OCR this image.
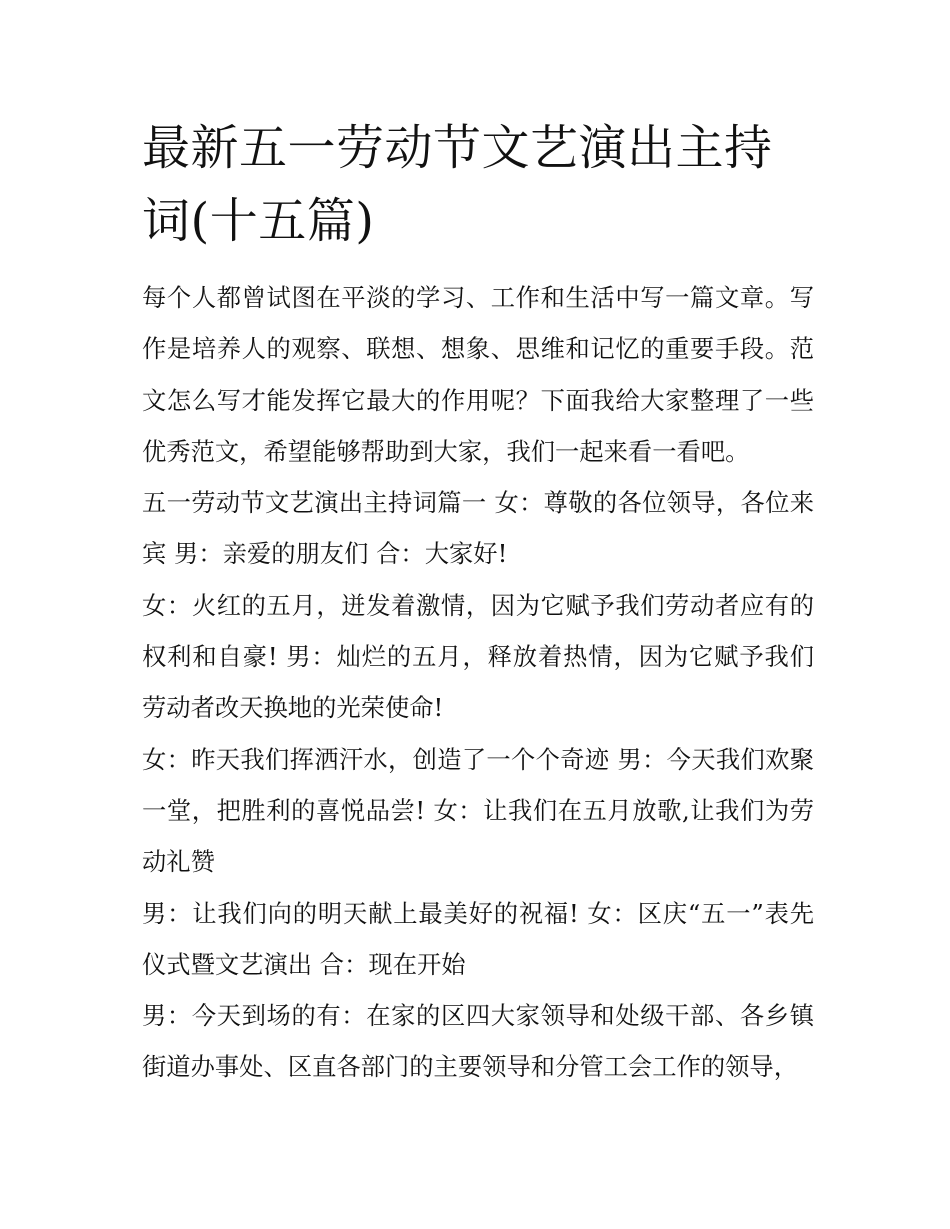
最新五一劳动节文艺演出主持词(十五篇)

每个人都曾试图在平淡的学习、工作和生活中写一篇文章。写作是培养人的观察、联想、想象、思维和记忆的重要手段。范文怎么写才能发挥它最大的作用呢？下面我给大家整理了一些优秀范文，希望能够帮助到大家，我们一起来看一看吧。

五一劳动节文艺演出主持词篇一 女：尊敬的各位领导，各位来宾 男：亲爱的朋友们 合：大家好!

女：火红的五月，迸发着激情，因为它赋予我们劳动者应有的权利和自豪! 男：灿烂的五月，释放着热情，因为它赋予我们劳动者改天换地的光荣使命!

女：昨天我们挥洒汗水，创造了一个个奇迹 男：今天我们欢聚一堂，把胜利的喜悦品尝! 女：让我们在五月放歌,让我们为劳动礼赞

男：让我们向的明天献上最美好的祝福! 女：区庆“五一”表先仪式暨文艺演出 合：现在开始

男：今天到场的有：在家的区四大家领导和处级干部、各乡镇街道办事处、区直各部门的主要领导和分管工会工作的领导，
